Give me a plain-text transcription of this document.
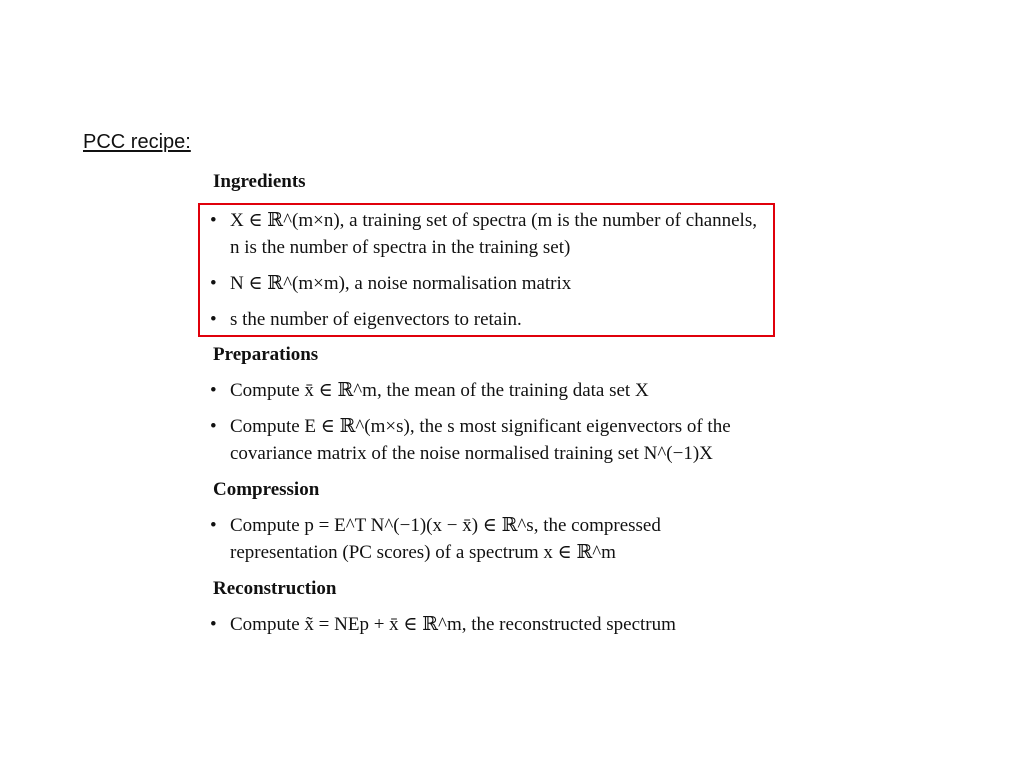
PCC recipe:
Ingredients
• X ∈ ℝ^(m×n), a training set of spectra (m is the number of channels, n is the number of spectra in the training set)
• N ∈ ℝ^(m×m), a noise normalisation matrix
• s the number of eigenvectors to retain.
Preparations
• Compute x̄ ∈ ℝ^m, the mean of the training data set X
• Compute E ∈ ℝ^(m×s), the s most significant eigenvectors of the covariance matrix of the noise normalised training set N^(−1)X
Compression
• Compute p = E^T N^(−1)(x − x̄) ∈ ℝ^s, the compressed representation (PC scores) of a spectrum x ∈ ℝ^m
Reconstruction
• Compute x̃ = NEp + x̄ ∈ ℝ^m, the reconstructed spectrum
